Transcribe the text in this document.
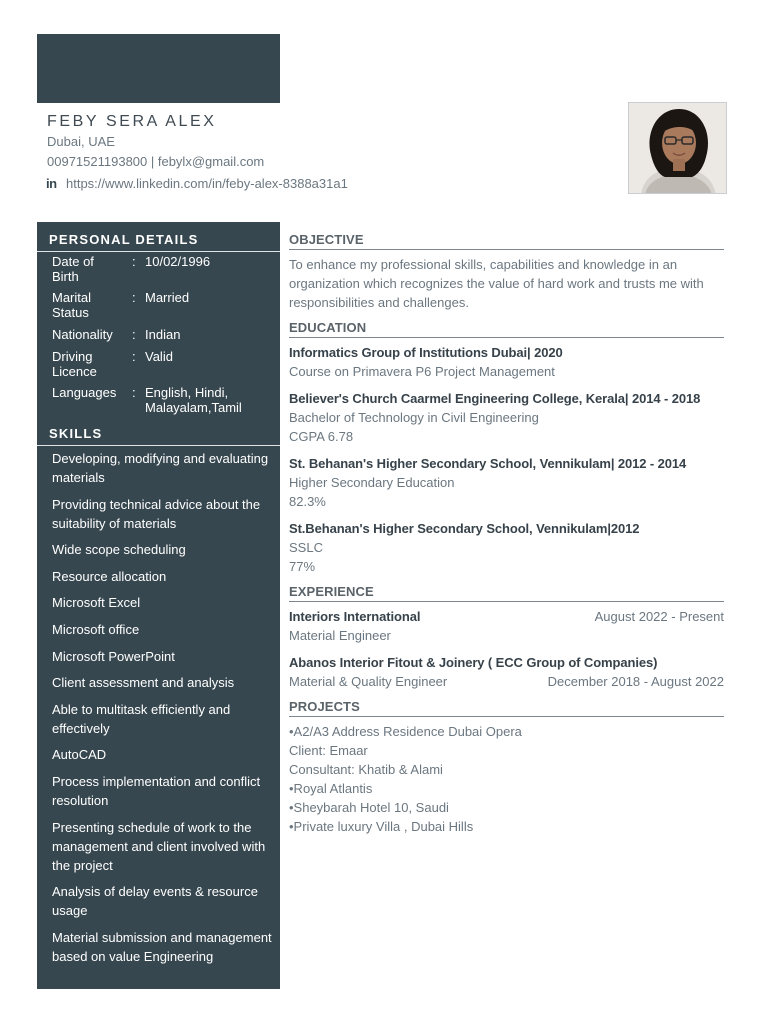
FEBY SERA ALEX
Dubai, UAE
00971521193800 | febylx@gmail.com
in https://www.linkedin.com/in/feby-alex-8388a31a1
PERSONAL DETAILS
Date of Birth
: 10/02/1996
Marital Status
: Married
Nationality	: Indian
Driving Licence
: Valid
Languages	: English, Hindi, Malayalam,Tamil
SKILLS
Developing, modifying and evaluating materials
Providing technical advice about the suitability of materials
Wide scope scheduling
Resource allocation
Microsoft Excel
Microsoft office
Microsoft PowerPoint
Client assessment and analysis
Able to multitask efficiently and effectively
AutoCAD
Process implementation and conflict resolution
Presenting schedule of work to the management and client involved with the project
Analysis of delay events & resource usage
Material submission and management based on value Engineering
OBJECTIVE
To enhance my professional skills, capabilities and knowledge in an organization which recognizes the value of hard work and trusts me with responsibilities and challenges.
EDUCATION
Informatics Group of Institutions Dubai| 2020
Course on Primavera P6 Project Management
Believer's Church Caarmel Engineering College, Kerala| 2014 - 2018
Bachelor of Technology in Civil Engineering
CGPA 6.78
St. Behanan's Higher Secondary School, Vennikulam| 2012 - 2014
Higher Secondary Education
82.3%
St.Behanan's Higher Secondary School, Vennikulam|2012
SSLC
77%
EXPERIENCE
Interiors International	August 2022 - Present
Material Engineer
Abanos Interior Fitout & Joinery ( ECC Group of Companies)
Material & Quality Engineer	December 2018 - August 2022
PROJECTS
•A2/A3 Address Residence Dubai Opera
Client: Emaar
Consultant: Khatib & Alami
•Royal Atlantis
•Sheybarah Hotel 10, Saudi
•Private luxury Villa , Dubai Hills
